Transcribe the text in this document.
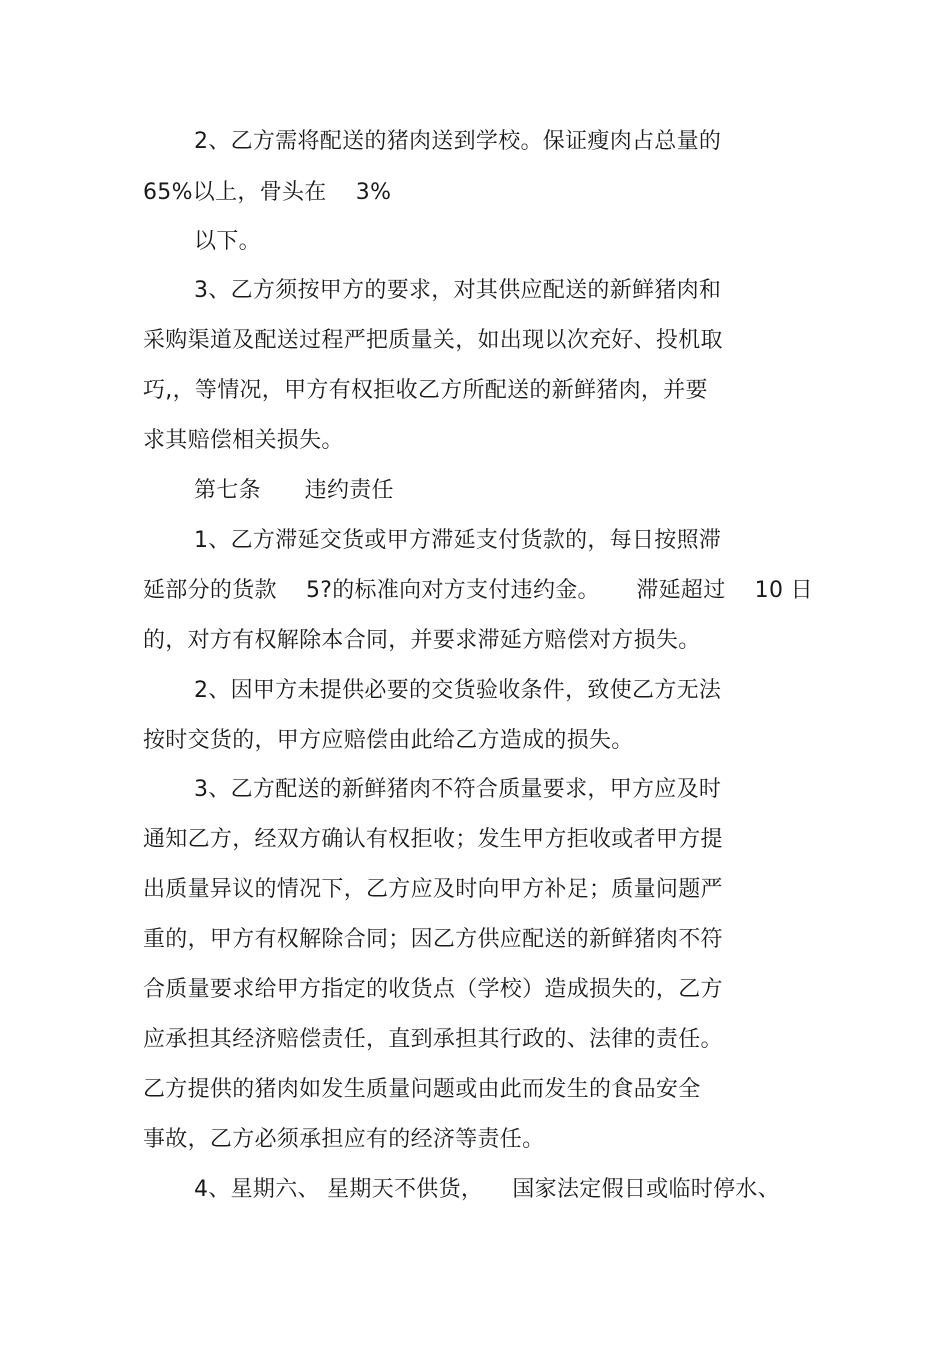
2、乙方需将配送的猪肉送到学校。保证瘦肉占总量的
65%以上，骨头在    3%
以下。
3、乙方须按甲方的要求，对其供应配送的新鲜猪肉和
采购渠道及配送过程严把质量关，如出现以次充好、投机取
巧,，等情况，甲方有权拒收乙方所配送的新鲜猪肉，并要
求其赔偿相关损失。
第七条      违约责任
1、乙方滞延交货或甲方滞延支付货款的，每日按照滞
延部分的货款    5?的标准向对方支付违约金。     滞延超过    10 日
的，对方有权解除本合同，并要求滞延方赔偿对方损失。
2、因甲方未提供必要的交货验收条件，致使乙方无法
按时交货的，甲方应赔偿由此给乙方造成的损失。
3、乙方配送的新鲜猪肉不符合质量要求，甲方应及时
通知乙方，经双方确认有权拒收；发生甲方拒收或者甲方提
出质量异议的情况下，乙方应及时向甲方补足；质量问题严
重的，甲方有权解除合同；因乙方供应配送的新鲜猪肉不符
合质量要求给甲方指定的收货点（学校）造成损失的，乙方
应承担其经济赔偿责任，直到承担其行政的、法律的责任。
乙方提供的猪肉如发生质量问题或由此而发生的食品安全
事故，乙方必须承担应有的经济等责任。
4、星期六、 星期天不供货，    国家法定假日或临时停水、
